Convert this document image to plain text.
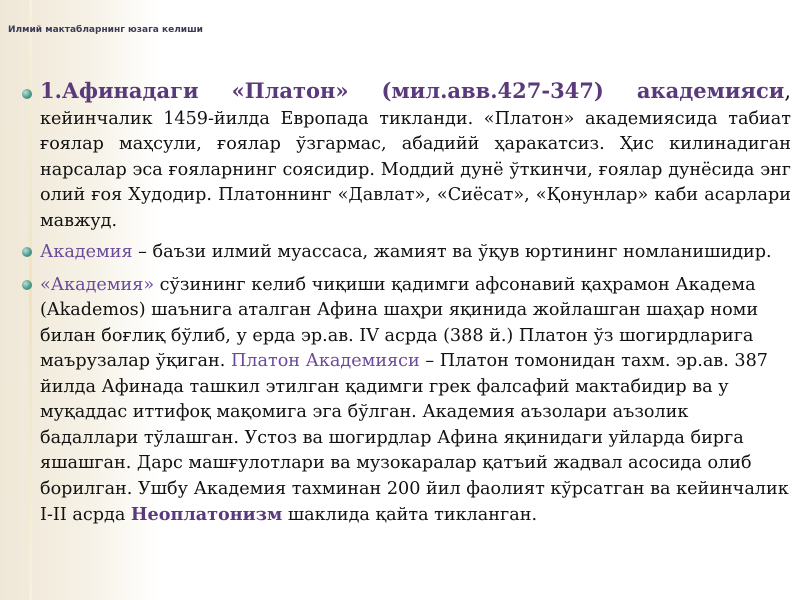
Илмий мактабларнинг юзага келиши

1.Афинадаги «Платон» (мил.авв.427-347) академияси, кейинчалик 1459-йилда Европада тикланди. «Платон» академиясида табиат ғоялар маҳсули, ғоялар ўзгармас, абадийй ҳаракатсиз. Ҳис килинадиган нарсалар эса ғояларнинг соясидир. Моддий дунё ўткинчи, ғоялар дунёсида энг олий ғоя Худодир. Платоннинг «Давлат», «Сиёсат», «Қонунлар» каби асарлари мавжуд.

Академия – баъзи илмий муассаса, жамият ва ўқув юртининг номланишидир.

«Академия» сўзининг келиб чиқиши қадимги афсонавий қаҳрамон Академа (Akademos) шаънига аталган Афина шаҳри яқинида жойлашган шаҳар номи билан боғлиқ бўлиб, у ерда эр.ав. IV асрда (388 й.) Платон ўз шогирдларига маърузалар ўқиган. Платон Академияси – Платон томонидан тахм. эр.ав. 387 йилда Афинада ташкил этилган қадимги грек фалсафий мактабидир ва у муқаддас иттифоқ мақомига эга бўлган. Академия аъзолари аъзолик бадаллари тўлашган. Устоз ва шогирдлар Афина яқинидаги уйларда бирга яшашган. Дарс машғулотлари ва музокаралар қатъий жадвал асосида олиб борилган. Ушбу Академия тахминан 200 йил фаолият кўрсатган ва кейинчалик I-II асрда Неоплатонизм шаклида қайта тикланган.
